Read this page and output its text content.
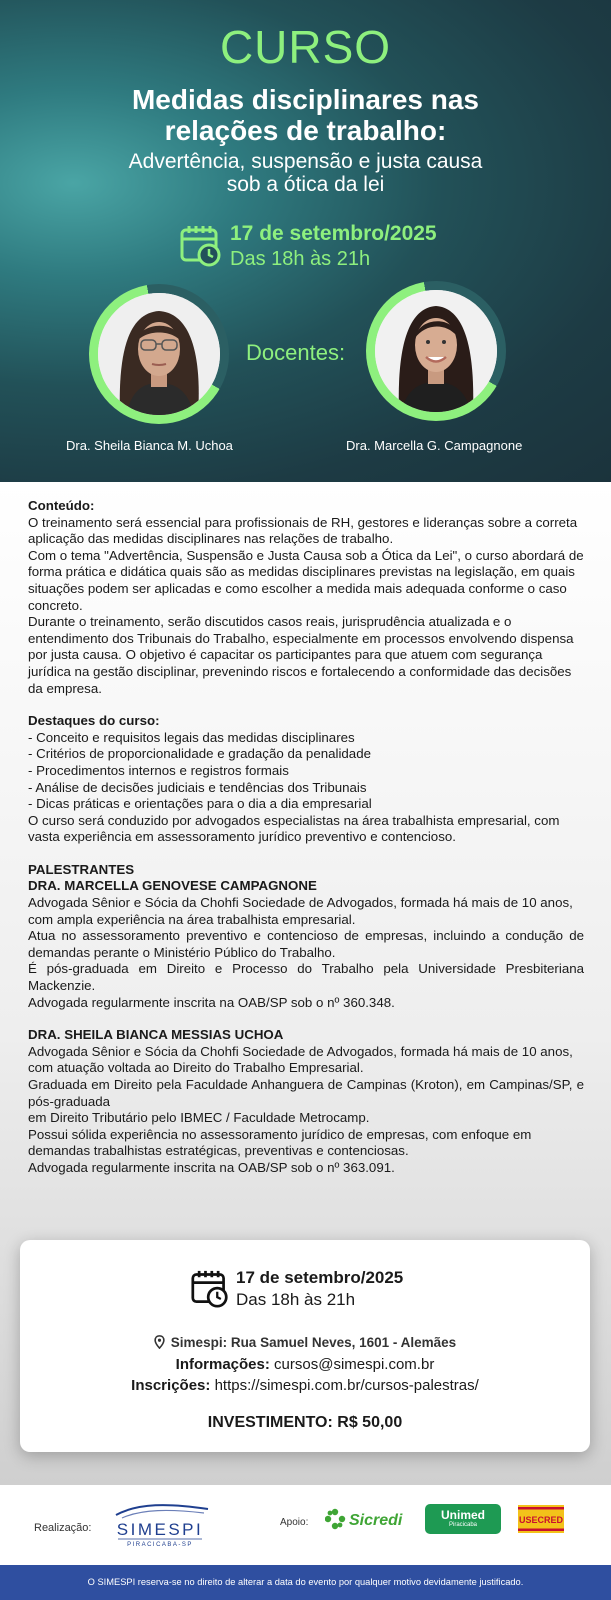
CURSO
Medidas disciplinares nas
relações de trabalho:
Advertência, suspensão e justa causa
sob a ótica da lei
17 de setembro/2025
Das 18h às 21h
Docentes:
Dra. Sheila Bianca M. Uchoa	Dra. Marcella G. Campagnone

Conteúdo:

O treinamento será essencial para profissionais de RH, gestores e lideranças sobre a correta aplicação das medidas disciplinares nas relações de trabalho.

Com o tema "Advertência, Suspensão e Justa Causa sob a Ótica da Lei", o curso abordará de forma prática e didática quais são as medidas disciplinares previstas na legislação, em quais situações podem ser aplicadas e como escolher a medida mais adequada conforme o caso concreto.

Durante o treinamento, serão discutidos casos reais, jurisprudência atualizada e o entendimento dos Tribunais do Trabalho, especialmente em processos envolvendo dispensa por justa causa. O objetivo é capacitar os participantes para que atuem com segurança jurídica na gestão disciplinar, prevenindo riscos e fortalecendo a conformidade das decisões da empresa.

Destaques do curso:

- Conceito e requisitos legais das medidas disciplinares
- Critérios de proporcionalidade e gradação da penalidade
- Procedimentos internos e registros formais
- Análise de decisões judiciais e tendências dos Tribunais
- Dicas práticas e orientações para o dia a dia empresarial

O curso será conduzido por advogados especialistas na área trabalhista empresarial, com vasta experiência em assessoramento jurídico preventivo e contencioso.

PALESTRANTES

DRA. MARCELLA GENOVESE CAMPAGNONE

Advogada Sênior e Sócia da Chohfi Sociedade de Advogados, formada há mais de 10 anos, com ampla experiência na área trabalhista empresarial.

Atua no assessoramento preventivo e contencioso de empresas, incluindo a condução de demandas perante o Ministério Público do Trabalho.

É pós-graduada em Direito e Processo do Trabalho pela Universidade Presbiteriana Mackenzie.

Advogada regularmente inscrita na OAB/SP sob o nº 360.348.

DRA. SHEILA BIANCA MESSIAS UCHOA

Advogada Sênior e Sócia da Chohfi Sociedade de Advogados, formada há mais de 10 anos, com atuação voltada ao Direito do Trabalho Empresarial.

Graduada em Direito pela Faculdade Anhanguera de Campinas (Kroton), em Campinas/SP, e pós-graduada

em Direito Tributário pelo IBMEC / Faculdade Metrocamp.

Possui sólida experiência no assessoramento jurídico de empresas, com enfoque em demandas trabalhistas estratégicas, preventivas e contenciosas.

Advogada regularmente inscrita na OAB/SP sob o nº 363.091.

17 de setembro/2025
Das 18h às 21h
Simespi: Rua Samuel Neves, 1601 - Alemães
Informações: cursos@simespi.com.br
Inscrições: https://simespi.com.br/cursos-palestras/
INVESTIMENTO: R$ 50,00
Realização: SIMESPI
PIRACICABA-SP
Apoio:	Sicredi	Unimed
Piracicaba	USECRED
O SIMESPI reserva-se no direito de alterar a data do evento por qualquer motivo devidamente justificado.
